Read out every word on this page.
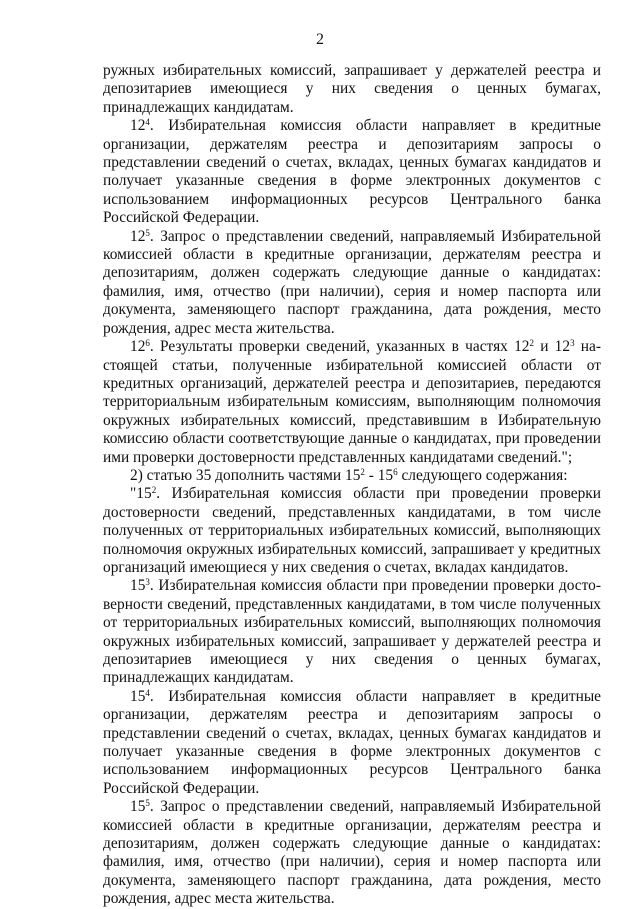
2

ружных избирательных комиссий, запрашивает у держателей реестра и депозитариев имеющиеся у них сведения о ценных бумагах, принадлежащих кандидатам.

$12^4$. Избирательная комиссия области направляет в кредитные организации, держателям реестра и депозитариям запросы о представлении сведений о счетах, вкладах, ценных бумагах кандидатов и получает указанные сведения в форме электронных документов с использованием информационных ресурсов Центрального банка Российской Федерации.

$12^5$. Запрос о представлении сведений, направляемый Избирательной комиссией области в кредитные организации, держателям реестра и депозитариям, должен содержать следующие данные о кандидатах: фамилия, имя, отчество (при наличии), серия и номер паспорта или документа, заменяющего паспорт гражданина, дата рождения, место рождения, адрес места жительства.

$12^6$. Результаты проверки сведений, указанных в частях $12^2$ и $12^3$ настоящей статьи, полученные избирательной комиссией области от кредитных организаций, держателей реестра и депозитариев, передаются территориальным избирательным комиссиям, выполняющим полномочия окружных избирательных комиссий, представившим в Избирательную комиссию области соответствующие данные о кандидатах, при проведении ими проверки достоверности представленных кандидатами сведений.";

2) статью 35 дополнить частями $15^2 - 15^6$ следующего содержания:

"$15^2$. Избирательная комиссия области при проведении проверки достоверности сведений, представленных кандидатами, в том числе полученных от территориальных избирательных комиссий, выполняющих полномочия окружных избирательных комиссий, запрашивает у кредитных организаций имеющиеся у них сведения о счетах, вкладах кандидатов.

$15^3$. Избирательная комиссия области при проведении проверки достоверности сведений, представленных кандидатами, в том числе полученных от территориальных избирательных комиссий, выполняющих полномочия окружных избирательных комиссий, запрашивает у держателей реестра и депозитариев имеющиеся у них сведения о ценных бумагах, принадлежащих кандидатам.

$15^4$. Избирательная комиссия области направляет в кредитные организации, держателям реестра и депозитариям запросы о представлении сведений о счетах, вкладах, ценных бумагах кандидатов и получает указанные сведения в форме электронных документов с использованием информационных ресурсов Центрального банка Российской Федерации.

$15^5$. Запрос о представлении сведений, направляемый Избирательной комиссией области в кредитные организации, держателям реестра и депозитариям, должен содержать следующие данные о кандидатах: фамилия, имя, отчество (при наличии), серия и номер паспорта или документа, заменяющего паспорт гражданина, дата рождения, место рождения, адрес места жительства.
